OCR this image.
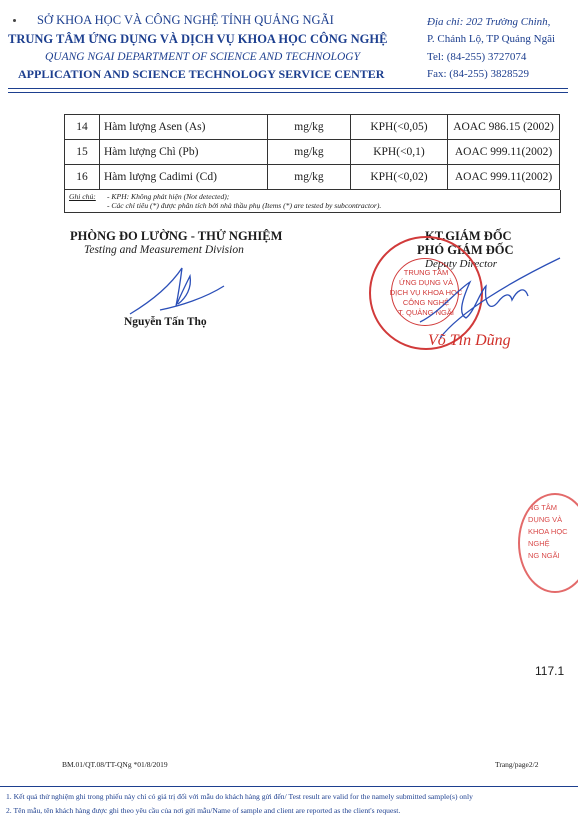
SỞ KHOA HỌC VÀ CÔNG NGHỆ TỈNH QUẢNG NGÃI
TRUNG TÂM ỨNG DỤNG VÀ DỊCH VỤ KHOA HỌC CÔNG NGHỆ
QUANG NGAI DEPARTMENT OF SCIENCE AND TECHNOLOGY
APPLICATION AND SCIENCE TECHNOLOGY SERVICE CENTER
Địa chỉ: 202 Trường Chinh,
P. Chánh Lộ, TP Quảng Ngãi
Tel: (84-255) 3727074
Fax: (84-255) 3828529
14	Hàm lượng Asen (As)	mg/kg	KPH(<0,05)	AOAC 986.15 (2002)
15	Hàm lượng Chì (Pb)	mg/kg	KPH(<0,1)	AOAC 999.11(2002)
16	Hàm lượng Cadimi (Cd)	mg/kg	KPH(<0,02)	AOAC 999.11(2002)
Ghi chú: - KPH: Không phát hiện (Not detected);
- Các chỉ tiêu (*) được phân tích bởi nhà thầu phụ (Items (*) are tested by subcontractor).
PHÒNG ĐO LƯỜNG - THỬ NGHIỆM
Testing and Measurement Division
Nguyễn Tấn Thọ
KT.GIÁM ĐỐC
PHÓ GIÁM ĐỐC
Deputy Director
TRUNG TÂM
ỨNG DỤNG VÀ
DỊCH VỤ KHOA HỌC
CÔNG NGHỆ
T. QUẢNG NGÃI
Võ Tín Dũng
NG TÂM
DỤNG VÀ
KHOA HỌC
NGHỆ
NG NGÃI
117.1
BM.01/QT.08/TT-QNg *01/8/2019	Trang/page2/2
1. Kết quả thử nghiệm ghi trong phiếu này chỉ có giá trị đối với mẫu do khách hàng gửi đến/ Test result are valid for the namely submitted sample(s) only
2. Tên mẫu, tên khách hàng được ghi theo yêu cầu của nơi gửi mẫu/Name of sample and client are reported as the client's request.
